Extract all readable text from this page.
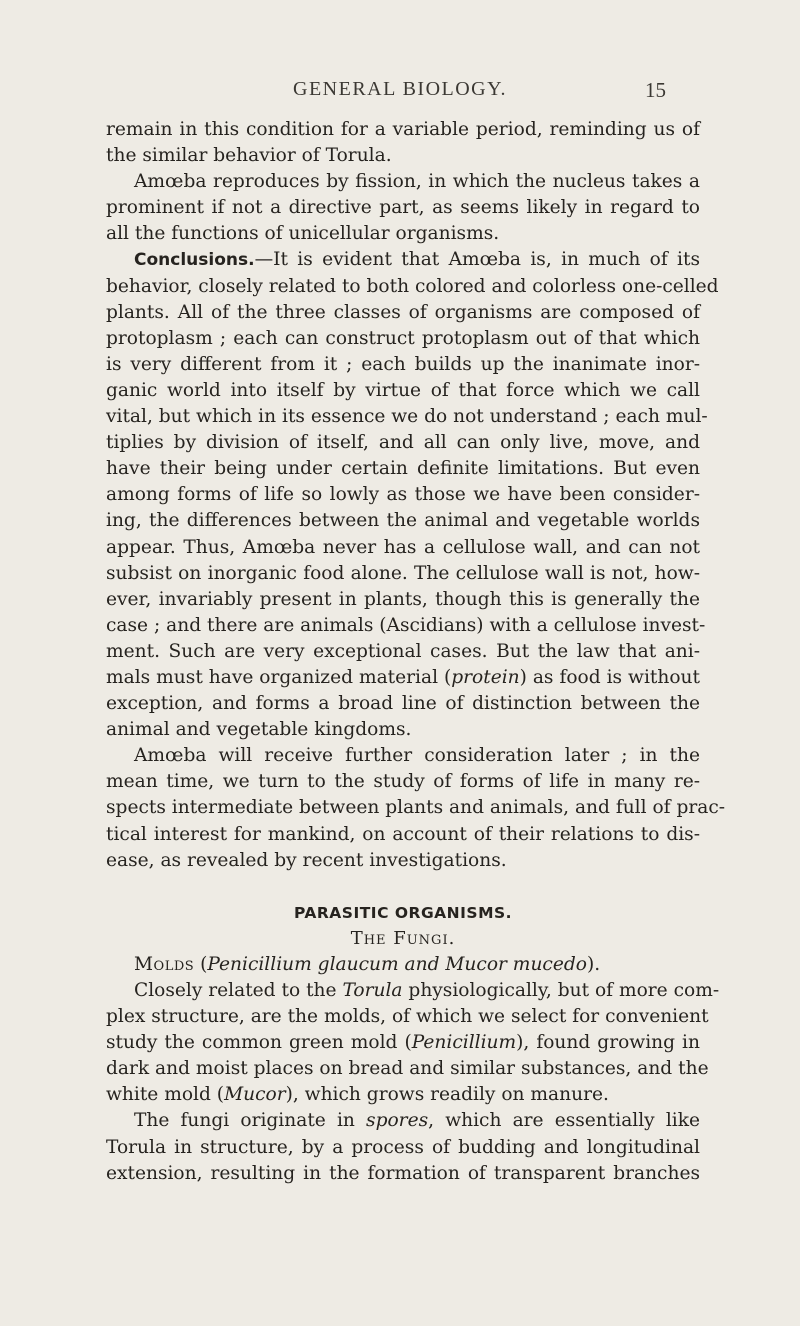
GENERAL BIOLOGY.	15
remain in this condition for a variable period, reminding us of
the similar behavior of Torula.
Amœba reproduces by fission, in which the nucleus takes a
prominent if not a directive part, as seems likely in regard to
all the functions of unicellular organisms.
Conclusions.—It is evident that Amœba is, in much of its
behavior, closely related to both colored and colorless one-celled
plants. All of the three classes of organisms are composed of
protoplasm ; each can construct protoplasm out of that which
is very different from it ; each builds up the inanimate inor-
ganic world into itself by virtue of that force which we call
vital, but which in its essence we do not understand ; each mul-
tiplies by division of itself, and all can only live, move, and
have their being under certain definite limitations. But even
among forms of life so lowly as those we have been consider-
ing, the differences between the animal and vegetable worlds
appear. Thus, Amœba never has a cellulose wall, and can not
subsist on inorganic food alone. The cellulose wall is not, how-
ever, invariably present in plants, though this is generally the
case ; and there are animals (Ascidians) with a cellulose invest-
ment. Such are very exceptional cases. But the law that ani-
mals must have organized material (protein) as food is without
exception, and forms a broad line of distinction between the
animal and vegetable kingdoms.
Amœba will receive further consideration later ; in the
mean time, we turn to the study of forms of life in many re-
spects intermediate between plants and animals, and full of prac-
tical interest for mankind, on account of their relations to dis-
ease, as revealed by recent investigations.
PARASITIC ORGANISMS.
The Fungi.
Molds (Penicillium glaucum and Mucor mucedo).
Closely related to the Torula physiologically, but of more com-
plex structure, are the molds, of which we select for convenient
study the common green mold (Penicillium), found growing in
dark and moist places on bread and similar substances, and the
white mold (Mucor), which grows readily on manure.
The fungi originate in spores, which are essentially like
Torula in structure, by a process of budding and longitudinal
extension, resulting in the formation of transparent branches
